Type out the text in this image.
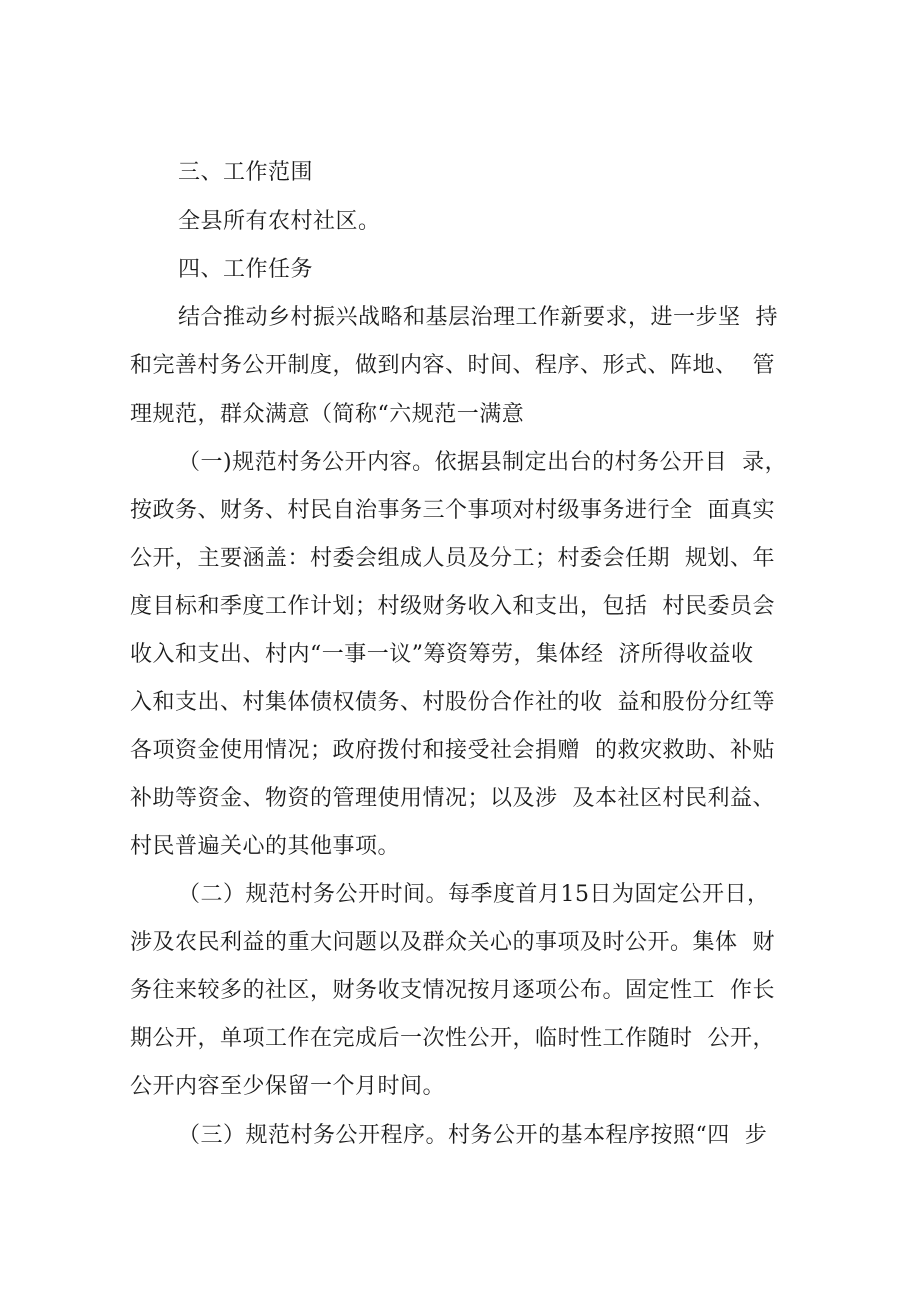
三、工作范围
全县所有农村社区。
四、工作任务
结合推动乡村振兴战略和基层治理工作新要求，进一步坚  持
和完善村务公开制度，做到内容、时间、程序、形式、阵地、  管
理规范，群众满意（简称“六规范一满意
（一)规范村务公开内容。依据县制定出台的村务公开目  录，
按政务、财务、村民自治事务三个事项对村级事务进行全  面真实
公开，主要涵盖：村委会组成人员及分工；村委会任期  规划、年
度目标和季度工作计划；村级财务收入和支出，包括  村民委员会
收入和支出、村内“一事一议”筹资筹劳，集体经  济所得收益收
入和支出、村集体债权债务、村股份合作社的收  益和股份分红等
各项资金使用情况；政府拨付和接受社会捐赠  的救灾救助、补贴
补助等资金、物资的管理使用情况；以及涉  及本社区村民利益、
村民普遍关心的其他事项。
（二）规范村务公开时间。每季度首月15日为固定公开日，
涉及农民利益的重大问题以及群众关心的事项及时公开。集体  财
务往来较多的社区，财务收支情况按月逐项公布。固定性工  作长
期公开，单项工作在完成后一次性公开，临时性工作随时  公开，
公开内容至少保留一个月时间。
（三）规范村务公开程序。村务公开的基本程序按照“四  步
